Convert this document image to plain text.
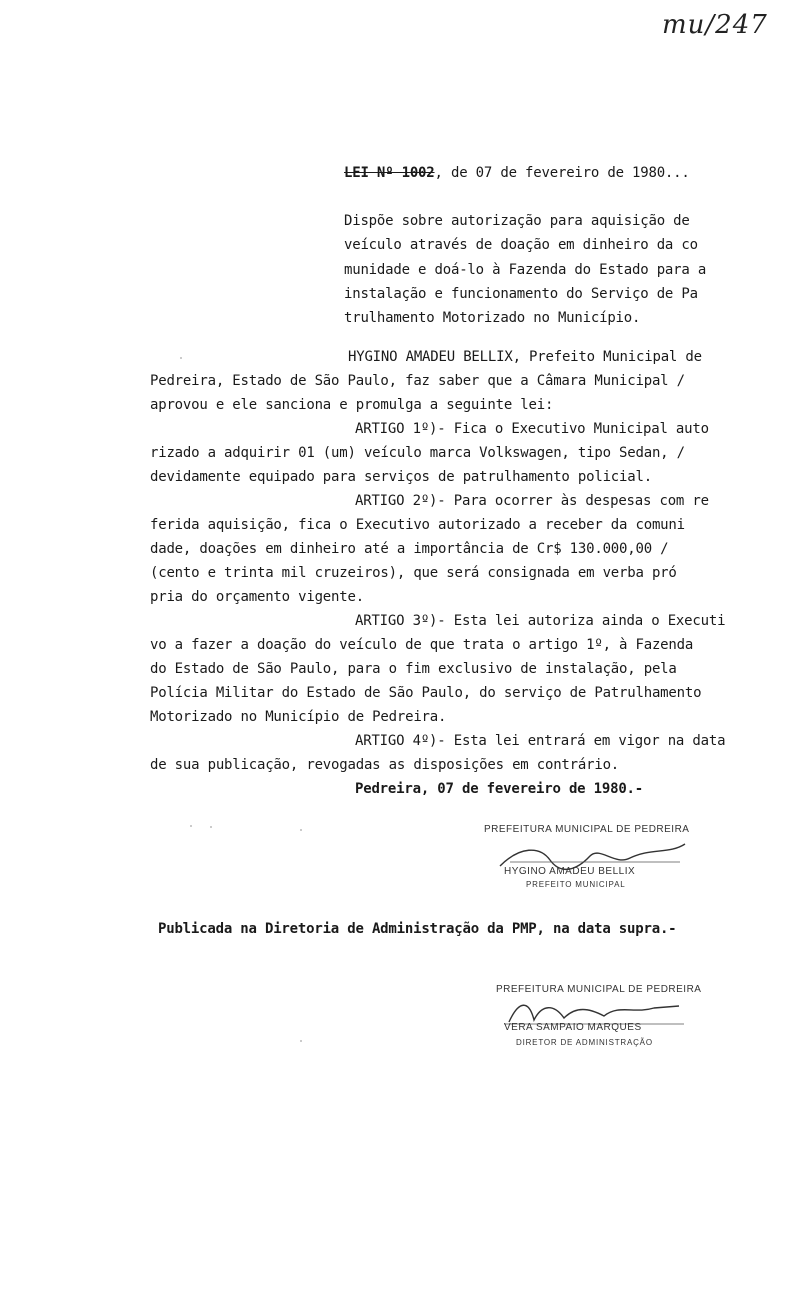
mu/247
LEI Nº 1002, de 07 de fevereiro de 1980...
Dispõe sobre autorização para aquisição de
veículo através de doação em dinheiro da co
munidade e doá-lo à Fazenda do Estado para a
instalação e funcionamento do Serviço de Pa
trulhamento Motorizado no Município.
HYGINO AMADEU BELLIX, Prefeito Municipal de
Pedreira, Estado de São Paulo, faz saber que a Câmara Municipal /
aprovou e ele sanciona e promulga a seguinte lei:
ARTIGO 1º)- Fica o Executivo Municipal auto
rizado a adquirir 01 (um) veículo marca Volkswagen, tipo Sedan, /
devidamente equipado para serviços de patrulhamento policial.
ARTIGO 2º)- Para ocorrer às despesas com re
ferida aquisição, fica o Executivo autorizado a receber da comuni
dade, doações em dinheiro até a importância de Cr$ 130.000,00 /
(cento e trinta mil cruzeiros), que será consignada em verba pró
pria do orçamento vigente.
ARTIGO 3º)- Esta lei autoriza ainda o Executi
vo a fazer a doação do veículo de que trata o artigo 1º, à Fazenda
do Estado de São Paulo, para o fim exclusivo de instalação, pela
Polícia Militar do Estado de São Paulo, do serviço de Patrulhamento
Motorizado no Município de Pedreira.
ARTIGO 4º)- Esta lei entrará em vigor na data
de sua publicação, revogadas as disposições em contrário.
Pedreira, 07 de fevereiro de 1980.-
PREFEITURA MUNICIPAL DE PEDREIRA
HYGINO AMADEU BELLIX
PREFEITO MUNICIPAL
Publicada na Diretoria de Administração da PMP, na data supra.-
PREFEITURA MUNICIPAL DE PEDREIRA
VERA SAMPAIO MARQUES
DIRETOR DE ADMINISTRAÇÃO
